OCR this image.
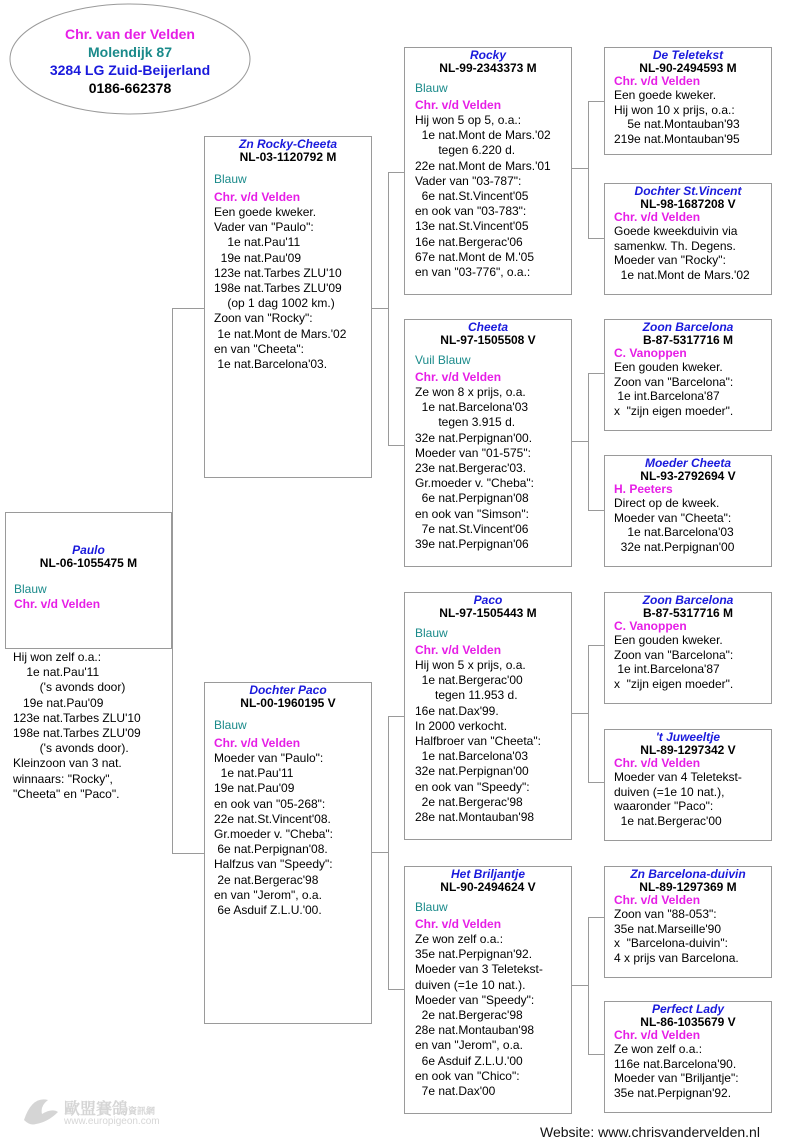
Chr. van der Velden
Molendijk 87
3284 LG Zuid-Beijerland
0186-662378
Paulo
NL-06-1055475 M
Blauw
Chr. v/d Velden
Hij won zelf o.a.:
1e nat.Pau'11
('s avonds door)
19e nat.Pau'09
123e nat.Tarbes ZLU'10
198e nat.Tarbes ZLU'09
('s avonds door).
Kleinzoon van 3 nat.
winnaars: "Rocky",
"Cheeta" en "Paco".
Zn Rocky-Cheeta
NL-03-1120792 M
Blauw
Chr. v/d Velden
Een goede kweker.
Vader van "Paulo":
1e nat.Pau'11
19e nat.Pau'09
123e nat.Tarbes ZLU'10
198e nat.Tarbes ZLU'09
(op 1 dag 1002 km.)
Zoon van "Rocky":
1e nat.Mont de Mars.'02
en van "Cheeta":
1e nat.Barcelona'03.
Dochter Paco
NL-00-1960195 V
Blauw
Chr. v/d Velden
Moeder van "Paulo":
1e nat.Pau'11
19e nat.Pau'09
en ook van "05-268":
22e nat.St.Vincent'08.
Gr.moeder v. "Cheba":
6e nat.Perpignan'08.
Halfzus van "Speedy":
2e nat.Bergerac'98
en van "Jerom", o.a.
6e Asduif Z.L.U.'00.
Rocky
NL-99-2343373 M
Blauw
Chr. v/d Velden
Hij won 5 op 5, o.a.:
1e nat.Mont de Mars.'02
tegen 6.220 d.
22e nat.Mont de Mars.'01
Vader van "03-787":
6e nat.St.Vincent'05
en ook van "03-783":
13e nat.St.Vincent'05
16e nat.Bergerac'06
67e nat.Mont de M.'05
en van "03-776", o.a.:
Cheeta
NL-97-1505508 V
Vuil Blauw
Chr. v/d Velden
Ze won 8 x prijs, o.a.
1e nat.Barcelona'03
tegen 3.915 d.
32e nat.Perpignan'00.
Moeder van "01-575":
23e nat.Bergerac'03.
Gr.moeder v. "Cheba":
6e nat.Perpignan'08
en ook van "Simson":
7e nat.St.Vincent'06
39e nat.Perpignan'06
Paco
NL-97-1505443 M
Blauw
Chr. v/d Velden
Hij won 5 x prijs, o.a.
1e nat.Bergerac'00
tegen 11.953 d.
16e nat.Dax'99.
In 2000 verkocht.
Halfbroer van "Cheeta":
1e nat.Barcelona'03
32e nat.Perpignan'00
en ook van "Speedy":
2e nat.Bergerac'98
28e nat.Montauban'98
Het Briljantje
NL-90-2494624 V
Blauw
Chr. v/d Velden
Ze won zelf o.a.:
35e nat.Perpignan'92.
Moeder van 3 Teletekst-
duiven (=1e 10 nat.).
Moeder van "Speedy":
2e nat.Bergerac'98
28e nat.Montauban'98
en van "Jerom", o.a.
6e Asduif Z.L.U.'00
en ook van "Chico":
7e nat.Dax'00
De Teletekst
NL-90-2494593 M
Chr. v/d Velden
Een goede kweker.
Hij won 10 x prijs, o.a.:
5e nat.Montauban'93
219e nat.Montauban'95
Dochter St.Vincent
NL-98-1687208 V
Chr. v/d Velden
Goede kweekduivin via
samenkw. Th. Degens.
Moeder van "Rocky":
1e nat.Mont de Mars.'02
Zoon Barcelona
B-87-5317716 M
C. Vanoppen
Een gouden kweker.
Zoon van "Barcelona":
1e int.Barcelona'87
x  "zijn eigen moeder".
Moeder Cheeta
NL-93-2792694 V
H. Peeters
Direct op de kweek.
Moeder van "Cheeta":
1e nat.Barcelona'03
32e nat.Perpignan'00
Zoon Barcelona
B-87-5317716 M
C. Vanoppen
Een gouden kweker.
Zoon van "Barcelona":
1e int.Barcelona'87
x  "zijn eigen moeder".
't Juweeltje
NL-89-1297342 V
Chr. v/d Velden
Moeder van 4 Teletekst-
duiven (=1e 10 nat.),
waaronder "Paco":
1e nat.Bergerac'00
Zn Barcelona-duivin
NL-89-1297369 M
Chr. v/d Velden
Zoon van "88-053":
35e nat.Marseille'90
x  "Barcelona-duivin":
4 x prijs van Barcelona.
Perfect Lady
NL-86-1035679 V
Chr. v/d Velden
Ze won zelf o.a.:
116e nat.Barcelona'90.
Moeder van "Briljantje":
35e nat.Perpignan'92.
歐盟賽鴿資訊網
www.europigeon.com
Website: www.chrisvandervelden.nl
